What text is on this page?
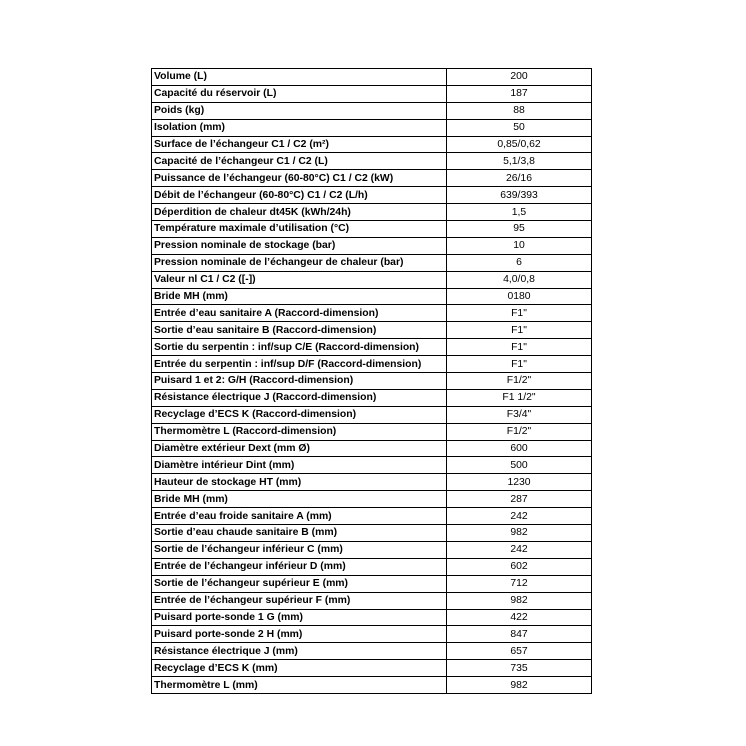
Volume (L)	200
Capacité du réservoir (L)	187
Poids (kg)	88
Isolation (mm)	50
Surface de l’échangeur C1 / C2 (m²)	0,85/0,62
Capacité de l’échangeur C1 / C2 (L)	5,1/3,8
Puissance de l’échangeur (60-80°C) C1 / C2 (kW)	26/16
Débit de l’échangeur (60-80°C) C1 / C2 (L/h)	639/393
Déperdition de chaleur dt45K (kWh/24h)	1,5
Température maximale d’utilisation (°C)	95
Pression nominale de stockage (bar)	10
Pression nominale de l’échangeur de chaleur (bar)	6
Valeur nl C1 / C2 ([-])	4,0/0,8
Bride MH (mm)	0180
Entrée d’eau sanitaire A (Raccord-dimension)	F1"
Sortie d’eau sanitaire B (Raccord-dimension)	F1"
Sortie du serpentin : inf/sup C/E (Raccord-dimension)	F1"
Entrée du serpentin : inf/sup D/F (Raccord-dimension)	F1"
Puisard 1 et 2: G/H (Raccord-dimension)	F1/2"
Résistance électrique J (Raccord-dimension)	F1 1/2"
Recyclage d’ECS K (Raccord-dimension)	F3/4"
Thermomètre L (Raccord-dimension)	F1/2"
Diamètre extérieur Dext (mm Ø)	600
Diamètre intérieur Dint (mm)	500
Hauteur de stockage HT (mm)	1230
Bride MH (mm)	287
Entrée d’eau froide sanitaire A (mm)	242
Sortie d’eau chaude sanitaire B (mm)	982
Sortie de l’échangeur inférieur C (mm)	242
Entrée de l’échangeur inférieur D (mm)	602
Sortie de l’échangeur supérieur E (mm)	712
Entrée de l’échangeur supérieur F (mm)	982
Puisard porte-sonde 1 G (mm)	422
Puisard porte-sonde 2 H (mm)	847
Résistance électrique J (mm)	657
Recyclage d’ECS K (mm)	735
Thermomètre L (mm)	982
